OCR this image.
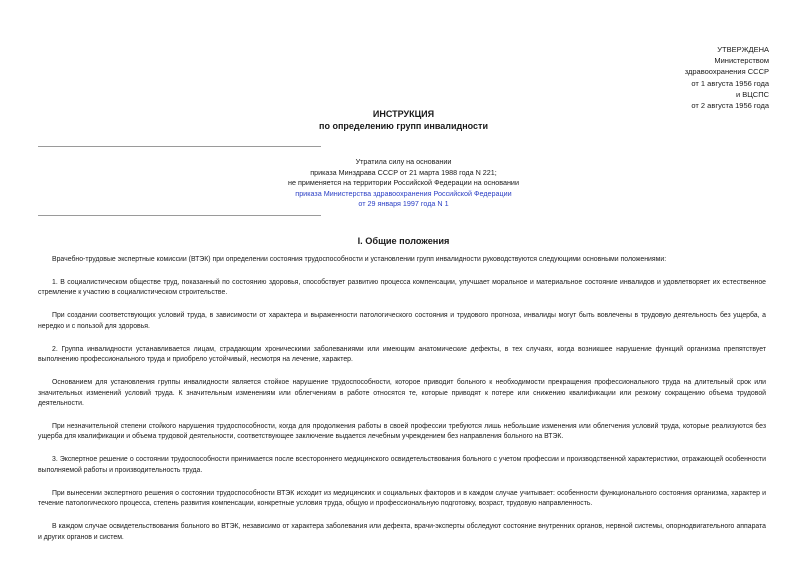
УТВЕРЖДЕНА
Министерством
здравоохранения СССР
от 1 августа 1956 года
и ВЦСПС
от 2 августа 1956 года
ИНСТРУКЦИЯ
по определению групп инвалидности
Утратила силу на основании
приказа Минздрава СССР от 21 марта 1988 года N 221;
не применяется на территории Российской Федерации на основании
приказа Министерства здравоохранения Российской Федерации
от 29 января 1997 года N 1
I. Общие положения

Врачебно-трудовые экспертные комиссии (ВТЭК) при определении состояния трудоспособности и установлении групп инвалидности руководствуются следующими основными положениями:

1. В социалистическом обществе труд, показанный по состоянию здоровья, способствует развитию процесса компенсации, улучшает моральное и материальное состояние инвалидов и удовлетворяет их естественное стремление к участию в социалистическом строительстве.

При создании соответствующих условий труда, в зависимости от характера и выраженности патологического состояния и трудового прогноза, инвалиды могут быть вовлечены в трудовую деятельность без ущерба, а нередко и с пользой для здоровья.

2. Группа инвалидности устанавливается лицам, страдающим хроническими заболеваниями или имеющим анатомические дефекты, в тех случаях, когда возникшее нарушение функций организма препятствует выполнению профессионального труда и приобрело устойчивый, несмотря на лечение, характер.

Основанием для установления группы инвалидности является стойкое нарушение трудоспособности, которое приводит больного к необходимости прекращения профессионального труда на длительный срок или значительных изменений условий труда. К значительным изменениям или облегчениям в работе относятся те, которые приводят к потере или снижению квалификации или резкому сокращению объема трудовой деятельности.

При незначительной степени стойкого нарушения трудоспособности, когда для продолжения работы в своей профессии требуются лишь небольшие изменения или облегчения условий труда, которые реализуются без ущерба для квалификации и объема трудовой деятельности, соответствующее заключение выдается лечебным учреждением без направления больного на ВТЭК.

3. Экспертное решение о состоянии трудоспособности принимается после всестороннего медицинского освидетельствования больного с учетом профессии и производственной характеристики, отражающей особенности выполняемой работы и производительность труда.

При вынесении экспертного решения о состоянии трудоспособности ВТЭК исходит из медицинских и социальных факторов и в каждом случае учитывает: особенности функционального состояния организма, характер и течение патологического процесса, степень развития компенсации, конкретные условия труда, общую и профессиональную подготовку, возраст, трудовую направленность.

В каждом случае освидетельствования больного во ВТЭК, независимо от характера заболевания или дефекта, врачи-эксперты обследуют состояние внутренних органов, нервной системы, опорнодвигательного аппарата и других органов и систем.
